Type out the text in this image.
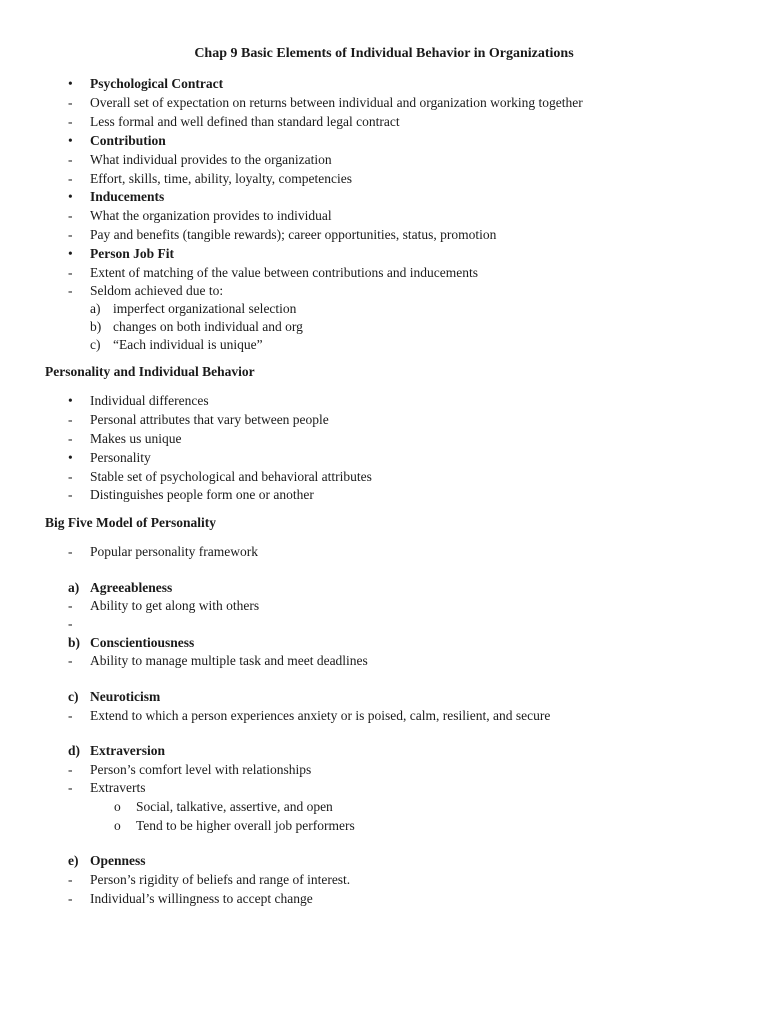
Chap 9 Basic Elements of Individual Behavior in Organizations
• Psychological Contract
- Overall set of expectation on returns between individual and organization working together
- Less formal and well defined than standard legal contract
• Contribution
- What individual provides to the organization
- Effort, skills, time, ability, loyalty, competencies
• Inducements
- What the organization provides to individual
- Pay and benefits (tangible rewards); career opportunities, status, promotion
• Person Job Fit
- Extent of matching of the value between contributions and inducements
- Seldom achieved due to:
a) imperfect organizational selection
b) changes on both individual and org
c) “Each individual is unique”
Personality and Individual Behavior
• Individual differences
- Personal attributes that vary between people
- Makes us unique
• Personality
- Stable set of psychological and behavioral attributes
- Distinguishes people form one or another
Big Five Model of Personality
- Popular personality framework
a) Agreeableness
- Ability to get along with others
-
b) Conscientiousness
- Ability to manage multiple task and meet deadlines
c) Neuroticism
- Extend to which a person experiences anxiety or is poised, calm, resilient, and secure
d) Extraversion
- Person’s comfort level with relationships
- Extraverts
o Social, talkative, assertive, and open
o Tend to be higher overall job performers
e) Openness
- Person’s rigidity of beliefs and range of interest.
- Individual’s willingness to accept change
